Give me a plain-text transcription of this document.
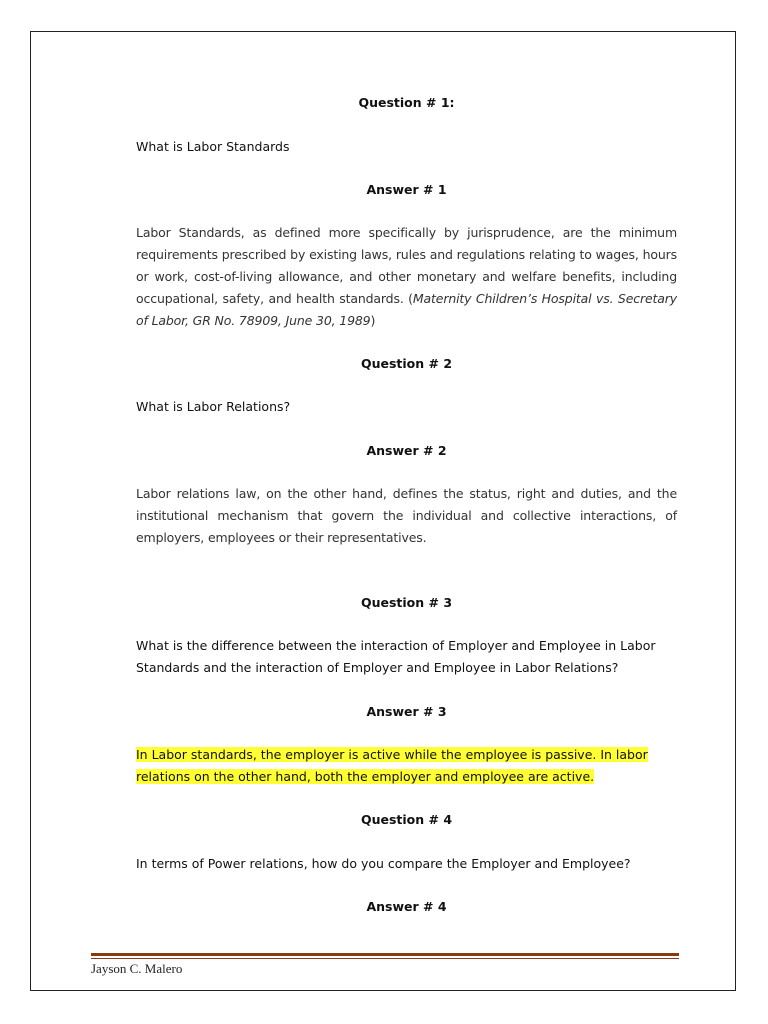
Question # 1:
What is Labor Standards
Answer # 1
Labor Standards, as defined more specifically by jurisprudence, are the minimum requirements prescribed by existing laws, rules and regulations relating to wages, hours or work, cost-of-living allowance, and other monetary and welfare benefits, including occupational, safety, and health standards. (Maternity Children’s Hospital vs. Secretary of Labor, GR No. 78909, June 30, 1989)
Question # 2
What is Labor Relations?
Answer # 2
Labor relations law, on the other hand, defines the status, right and duties, and the institutional mechanism that govern the individual and collective interactions, of employers, employees or their representatives.
Question # 3
What is the difference between the interaction of Employer and Employee in Labor Standards and the interaction of Employer and Employee in Labor Relations?
Answer # 3
In Labor standards, the employer is active while the employee is passive. In labor
relations on the other hand, both the employer and employee are active.
Question # 4
In terms of Power relations, how do you compare the Employer and Employee?
Answer # 4
Jayson C. Malero
